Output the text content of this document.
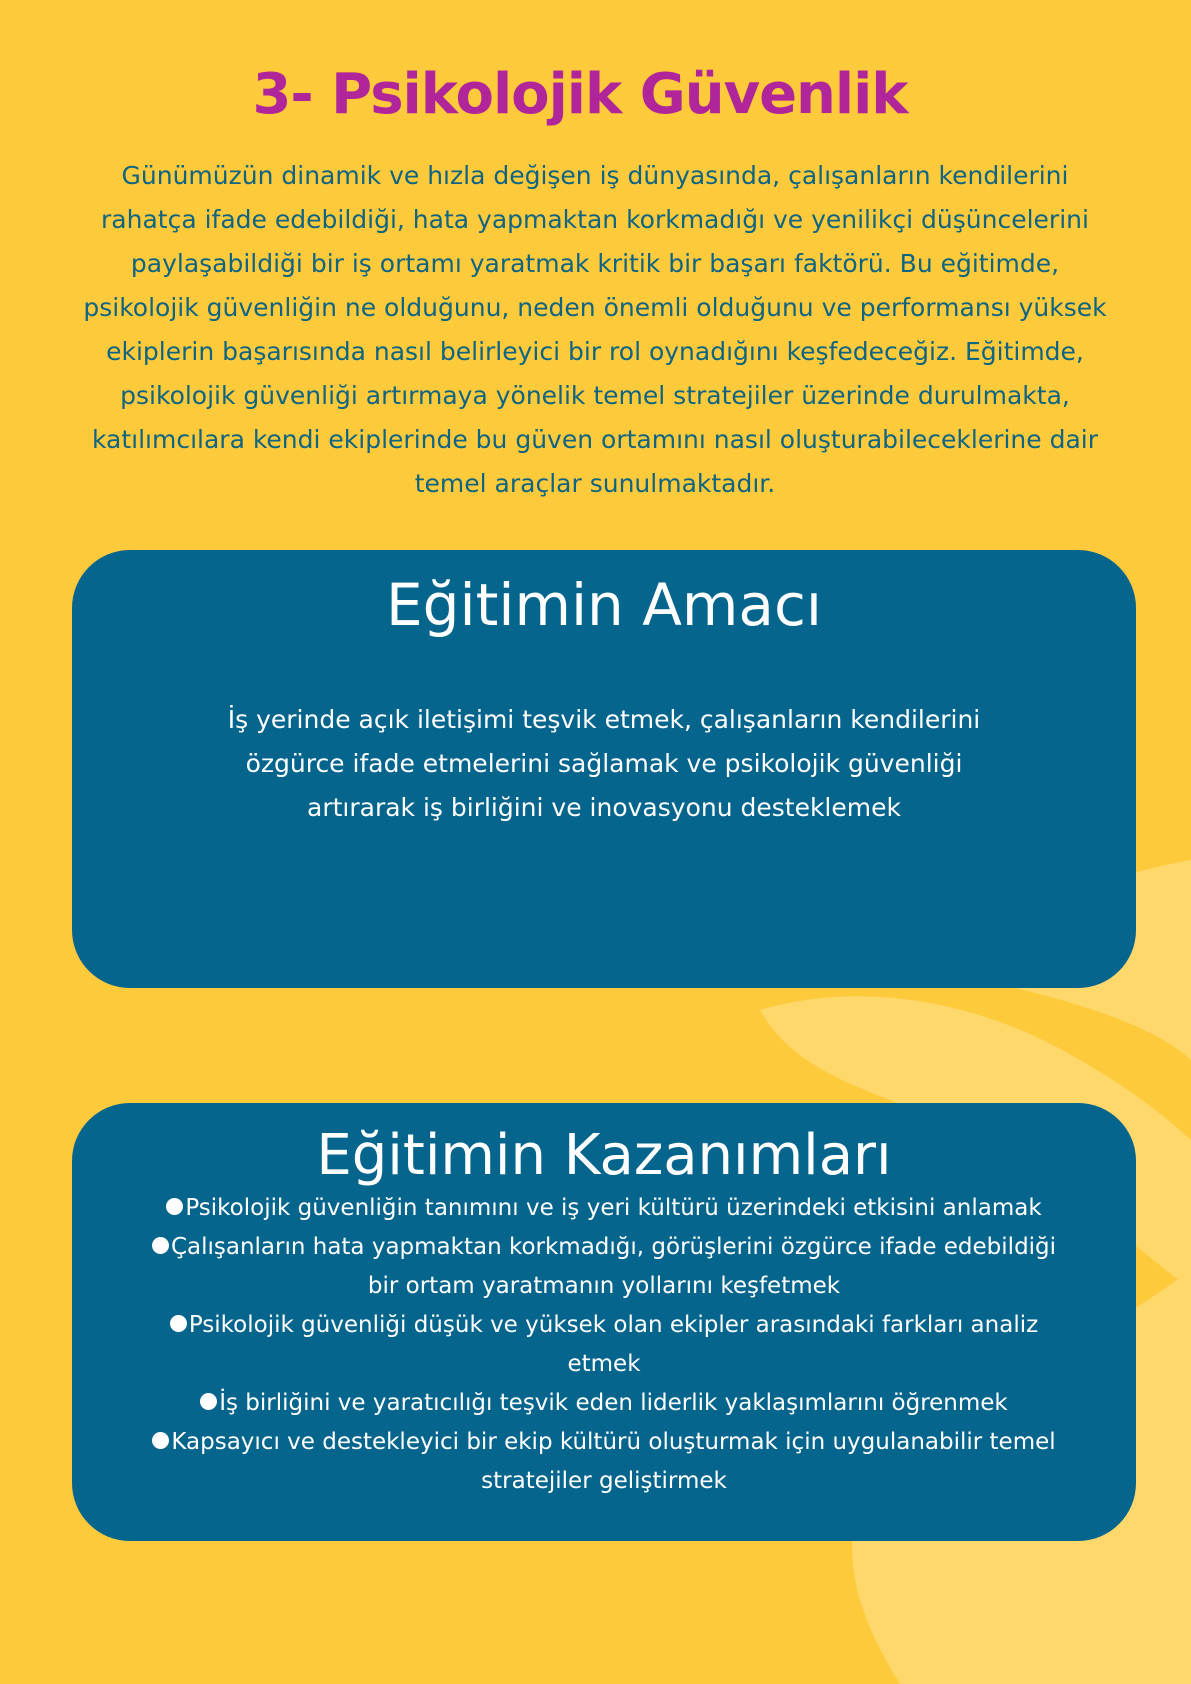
3- Psikolojik Güvenlik

Günümüzün dinamik ve hızla değişen iş dünyasında, çalışanların kendilerini rahatça ifade edebildiği, hata yapmaktan korkmadığı ve yenilikçi düşüncelerini paylaşabildiği bir iş ortamı yaratmak kritik bir başarı faktörü. Bu eğitimde, psikolojik güvenliğin ne olduğunu, neden önemli olduğunu ve performansı yüksek ekiplerin başarısında nasıl belirleyici bir rol oynadığını keşfedeceğiz. Eğitimde, psikolojik güvenliği artırmaya yönelik temel stratejiler üzerinde durulmakta, katılımcılara kendi ekiplerinde bu güven ortamını nasıl oluşturabileceklerine dair temel araçlar sunulmaktadır.

Eğitimin Amacı

İş yerinde açık iletişimi teşvik etmek, çalışanların kendilerini özgürce ifade etmelerini sağlamak ve psikolojik güvenliği artırarak iş birliğini ve inovasyonu desteklemek

Eğitimin Kazanımları
Psikolojik güvenliğin tanımını ve iş yeri kültürü üzerindeki etkisini anlamak
Çalışanların hata yapmaktan korkmadığı, görüşlerini özgürce ifade edebildiği bir ortam yaratmanın yollarını keşfetmek
Psikolojik güvenliği düşük ve yüksek olan ekipler arasındaki farkları analiz etmek
İş birliğini ve yaratıcılığı teşvik eden liderlik yaklaşımlarını öğrenmek
Kapsayıcı ve destekleyici bir ekip kültürü oluşturmak için uygulanabilir temel stratejiler geliştirmek
